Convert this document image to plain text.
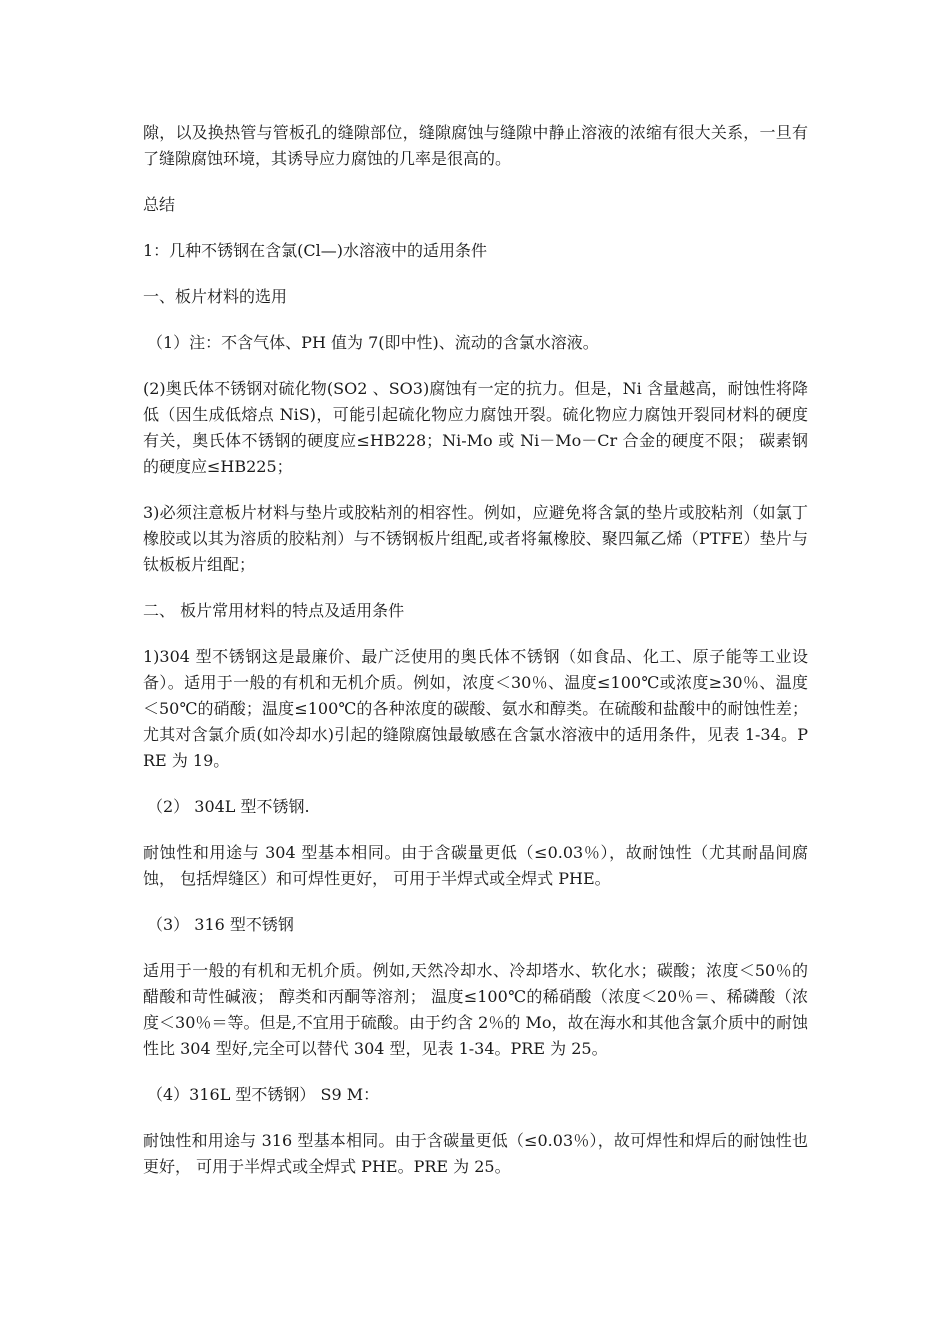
隙，以及换热管与管板孔的缝隙部位，缝隙腐蚀与缝隙中静止溶液的浓缩有很大关系，一旦有了缝隙腐蚀环境，其诱导应力腐蚀的几率是很高的。

总结

1：几种不锈钢在含氯(Cl—)水溶液中的适用条件

一、板片材料的选用

（1）注：不含气体、PH 值为 7(即中性)、流动的含氯水溶液。

(2)奥氏体不锈钢对硫化物(SO2 、SO3)腐蚀有一定的抗力。但是，Ni 含量越高，耐蚀性将降低（因生成低熔点 NiS)，可能引起硫化物应力腐蚀开裂。硫化物应力腐蚀开裂同材料的硬度有关，奥氏体不锈钢的硬度应≤HB228；Ni-Mo 或 Ni－Mo－Cr 合金的硬度不限； 碳素钢的硬度应≤HB225；

3)必须注意板片材料与垫片或胶粘剂的相容性。例如，应避免将含氯的垫片或胶粘剂（如氯丁橡胶或以其为溶质的胶粘剂）与不锈钢板片组配,或者将氟橡胶、聚四氟乙烯（PTFE）垫片与钛板板片组配；

二、 板片常用材料的特点及适用条件

1)304 型不锈钢这是最廉价、最广泛使用的奥氏体不锈钢（如食品、化工、原子能等工业设备）。适用于一般的有机和无机介质。例如，浓度＜30％、温度≤100℃或浓度≥30％、温度＜50℃的硝酸；温度≤100℃的各种浓度的碳酸、氨水和醇类。在硫酸和盐酸中的耐蚀性差；尤其对含氯介质(如冷却水)引起的缝隙腐蚀最敏感在含氯水溶液中的适用条件，见表 1-34。PRE 为 19。

（2） 304L 型不锈钢.

耐蚀性和用途与 304 型基本相同。由于含碳量更低（≤0.03％），故耐蚀性（尤其耐晶间腐蚀， 包括焊缝区）和可焊性更好， 可用于半焊式或全焊式 PHE。

（3） 316 型不锈钢

适用于一般的有机和无机介质。例如,天然冷却水、冷却塔水、软化水；碳酸；浓度＜50％的醋酸和苛性碱液； 醇类和丙酮等溶剂； 温度≤100℃的稀硝酸（浓度＜20％＝、稀磷酸（浓度＜30％＝等。但是,不宜用于硫酸。由于约含 2％的 Mo，故在海水和其他含氯介质中的耐蚀性比 304 型好,完全可以替代 304 型，见表 1-34。PRE 为 25。

（4）316L 型不锈钢） S9 M：

耐蚀性和用途与 316 型基本相同。由于含碳量更低（≤0.03％），故可焊性和焊后的耐蚀性也更好， 可用于半焊式或全焊式 PHE。PRE 为 25。
